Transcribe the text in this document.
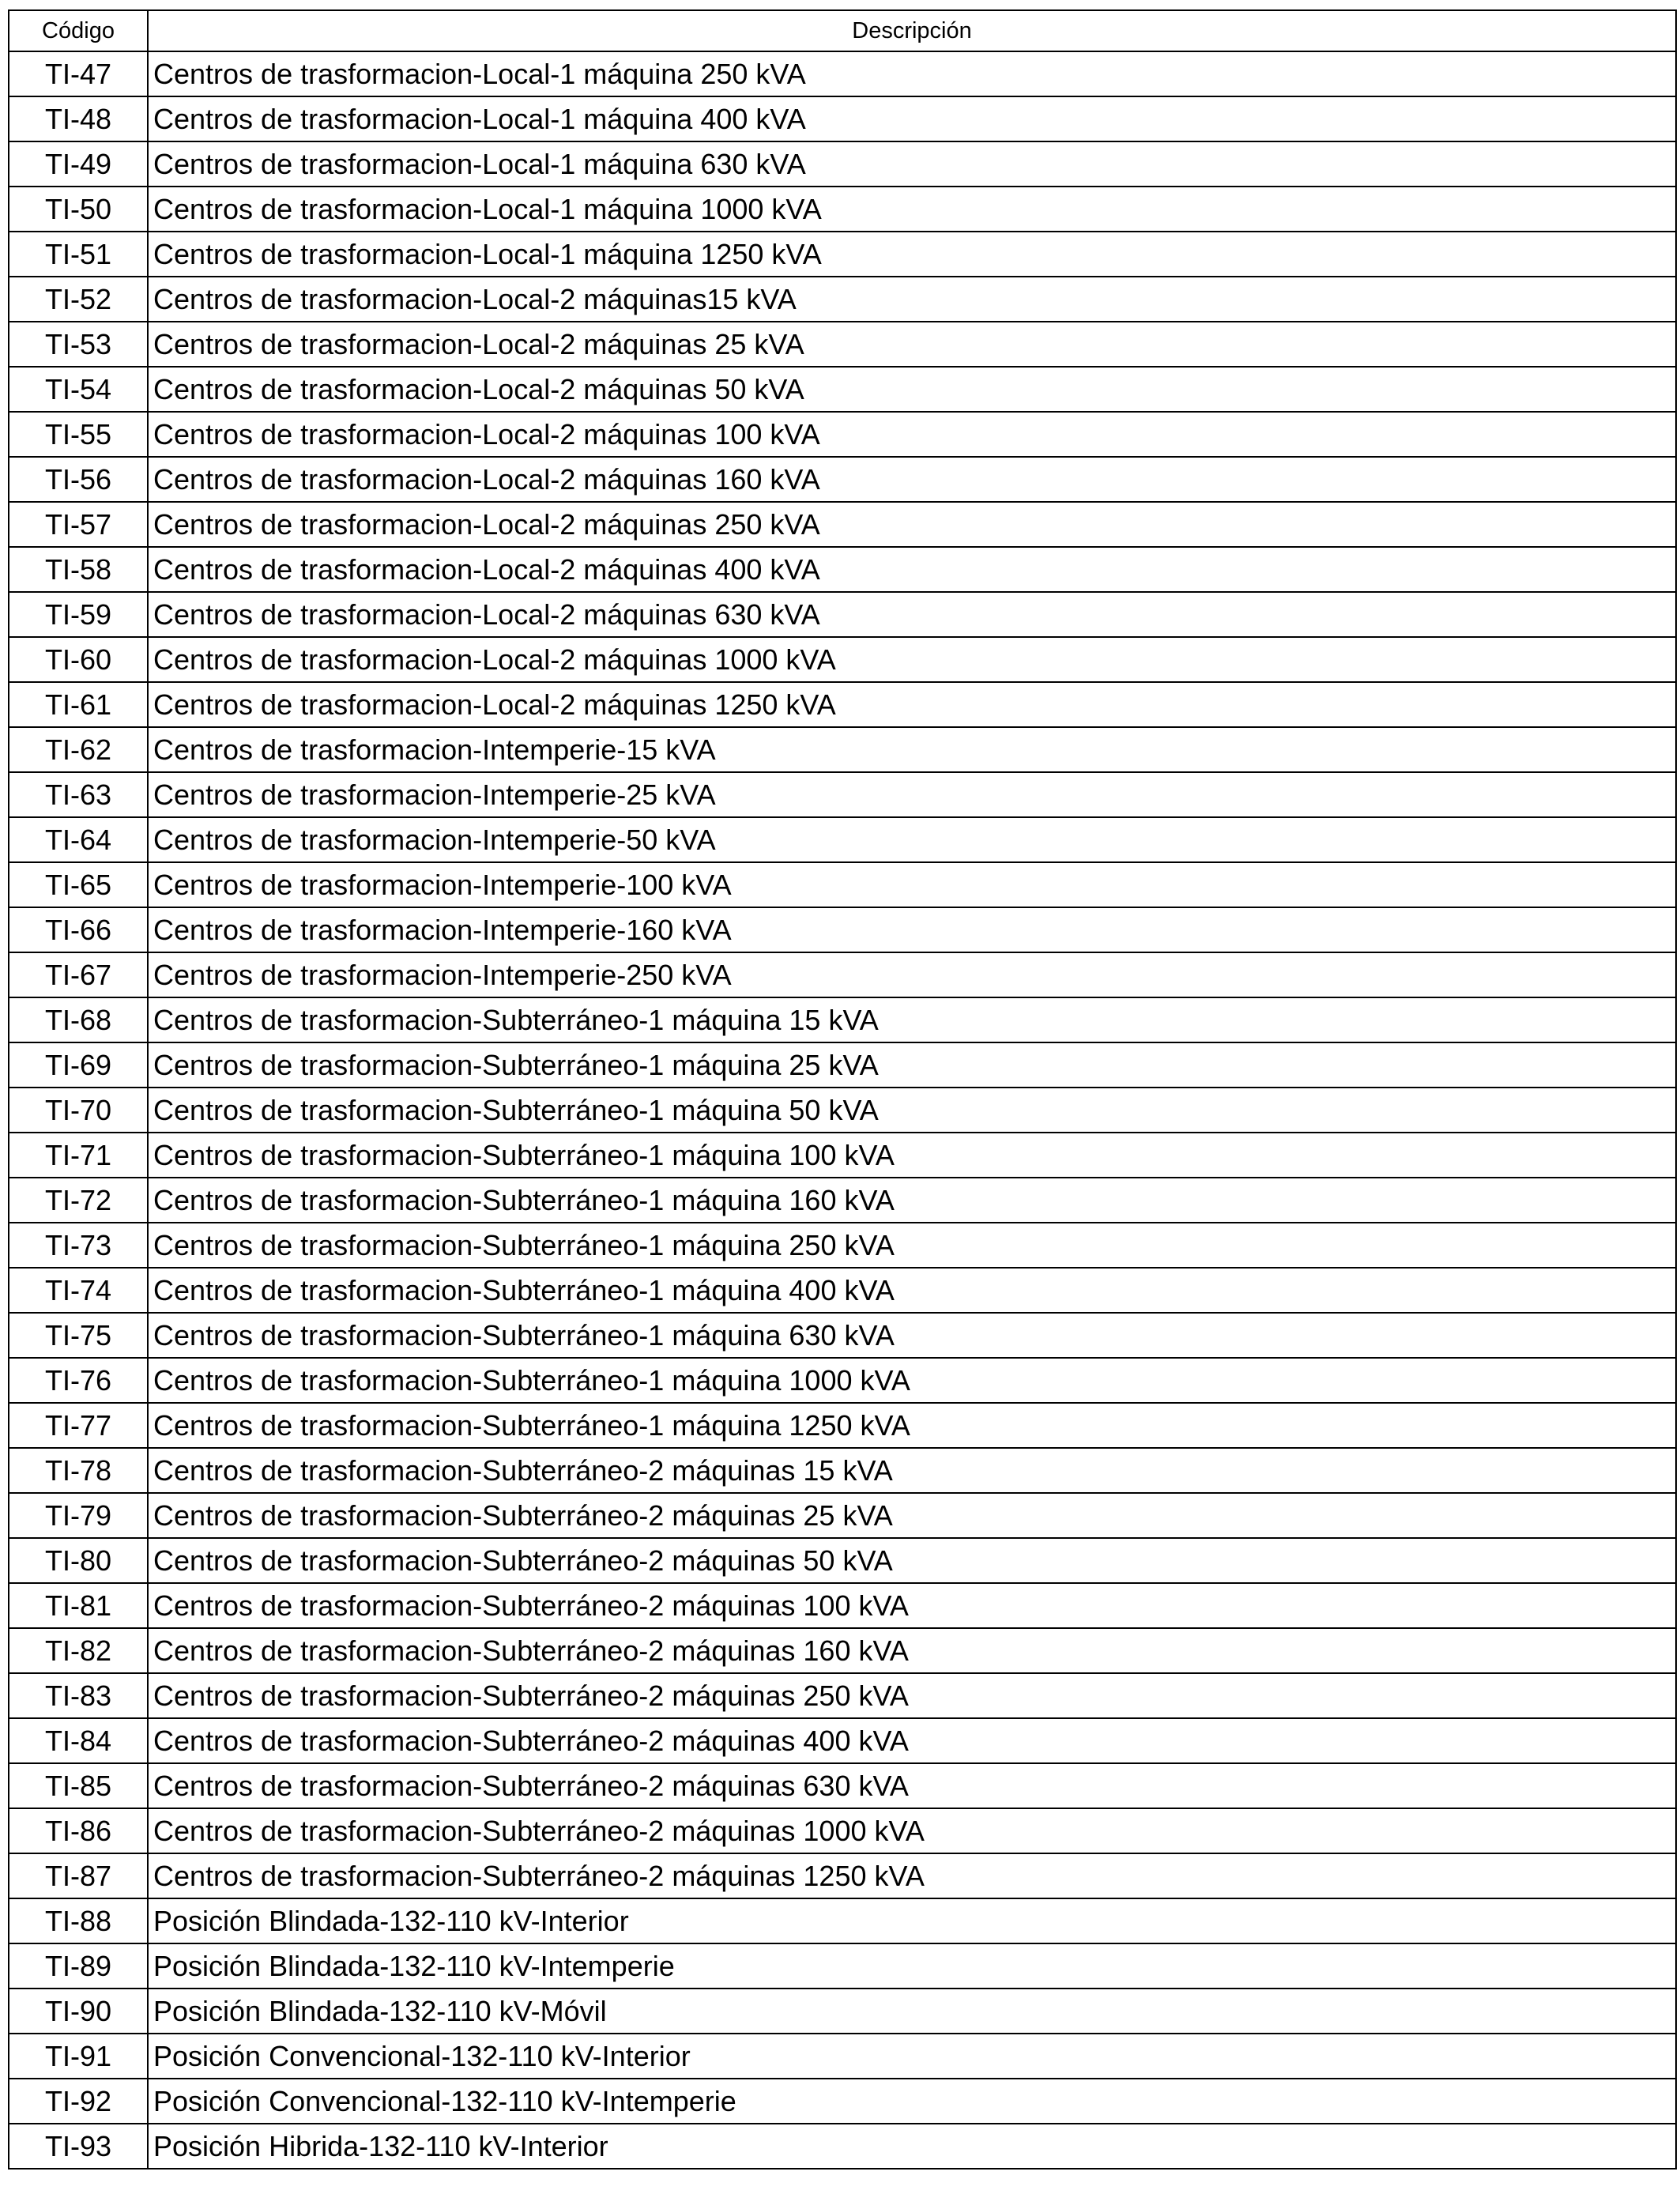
Código	Descripción
TI-47	Centros de trasformacion-Local-1 máquina 250 kVA
TI-48	Centros de trasformacion-Local-1 máquina 400 kVA
TI-49	Centros de trasformacion-Local-1 máquina 630 kVA
TI-50	Centros de trasformacion-Local-1 máquina 1000 kVA
TI-51	Centros de trasformacion-Local-1 máquina 1250 kVA
TI-52	Centros de trasformacion-Local-2 máquinas15 kVA
TI-53	Centros de trasformacion-Local-2 máquinas 25 kVA
TI-54	Centros de trasformacion-Local-2 máquinas 50 kVA
TI-55	Centros de trasformacion-Local-2 máquinas 100 kVA
TI-56	Centros de trasformacion-Local-2 máquinas 160 kVA
TI-57	Centros de trasformacion-Local-2 máquinas 250 kVA
TI-58	Centros de trasformacion-Local-2 máquinas 400 kVA
TI-59	Centros de trasformacion-Local-2 máquinas 630 kVA
TI-60	Centros de trasformacion-Local-2 máquinas 1000 kVA
TI-61	Centros de trasformacion-Local-2 máquinas 1250 kVA
TI-62	Centros de trasformacion-Intemperie-15 kVA
TI-63	Centros de trasformacion-Intemperie-25 kVA
TI-64	Centros de trasformacion-Intemperie-50 kVA
TI-65	Centros de trasformacion-Intemperie-100 kVA
TI-66	Centros de trasformacion-Intemperie-160 kVA
TI-67	Centros de trasformacion-Intemperie-250 kVA
TI-68	Centros de trasformacion-Subterráneo-1 máquina 15 kVA
TI-69	Centros de trasformacion-Subterráneo-1 máquina 25 kVA
TI-70	Centros de trasformacion-Subterráneo-1 máquina 50 kVA
TI-71	Centros de trasformacion-Subterráneo-1 máquina 100 kVA
TI-72	Centros de trasformacion-Subterráneo-1 máquina 160 kVA
TI-73	Centros de trasformacion-Subterráneo-1 máquina 250 kVA
TI-74	Centros de trasformacion-Subterráneo-1 máquina 400 kVA
TI-75	Centros de trasformacion-Subterráneo-1 máquina 630 kVA
TI-76	Centros de trasformacion-Subterráneo-1 máquina 1000 kVA
TI-77	Centros de trasformacion-Subterráneo-1 máquina 1250 kVA
TI-78	Centros de trasformacion-Subterráneo-2 máquinas 15 kVA
TI-79	Centros de trasformacion-Subterráneo-2 máquinas 25 kVA
TI-80	Centros de trasformacion-Subterráneo-2 máquinas 50 kVA
TI-81	Centros de trasformacion-Subterráneo-2 máquinas 100 kVA
TI-82	Centros de trasformacion-Subterráneo-2 máquinas 160 kVA
TI-83	Centros de trasformacion-Subterráneo-2 máquinas 250 kVA
TI-84	Centros de trasformacion-Subterráneo-2 máquinas 400 kVA
TI-85	Centros de trasformacion-Subterráneo-2 máquinas 630 kVA
TI-86	Centros de trasformacion-Subterráneo-2 máquinas 1000 kVA
TI-87	Centros de trasformacion-Subterráneo-2 máquinas 1250 kVA
TI-88	Posición Blindada-132-110 kV-Interior
TI-89	Posición Blindada-132-110 kV-Intemperie
TI-90	Posición Blindada-132-110 kV-Móvil
TI-91	Posición Convencional-132-110 kV-Interior
TI-92	Posición Convencional-132-110 kV-Intemperie
TI-93	Posición Hibrida-132-110 kV-Interior
